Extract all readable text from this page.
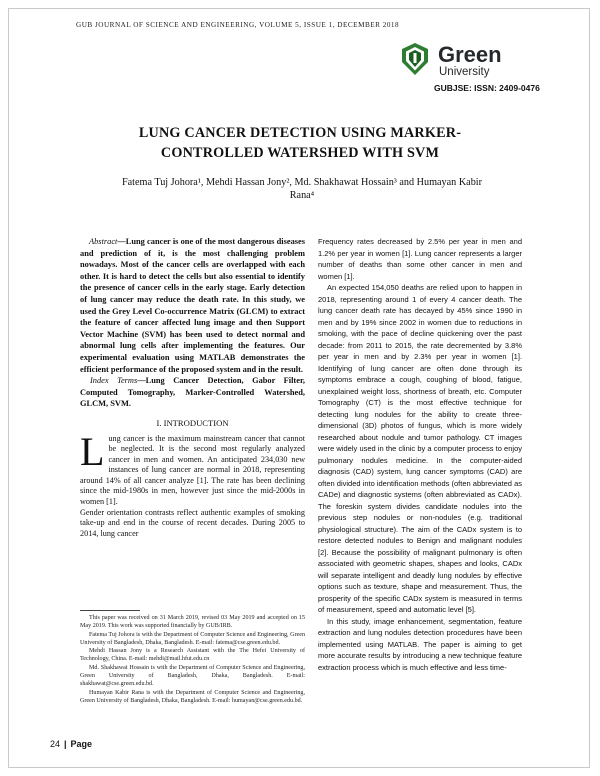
GUB JOURNAL OF SCIENCE AND ENGINEERING, VOLUME 5, ISSUE 1, DECEMBER 2018
Green
University
GUBJSE: ISSN: 2409-0476
LUNG CANCER DETECTION USING MARKER-
CONTROLLED WATERSHED WITH SVM
Fatema Tuj Johora¹, Mehdi Hassan Jony², Md. Shakhawat Hossain³ and Humayan Kabir
Rana⁴

Abstract—Lung cancer is one of the most dangerous diseases and prediction of it, is the most challenging problem nowadays. Most of the cancer cells are overlapped with each other. It is hard to detect the cells but also essential to identify the presence of cancer cells in the early stage. Early detection of lung cancer may reduce the death rate. In this study, we used the Grey Level Co-occurrence Matrix (GLCM) to extract the feature of cancer affected lung image and then Support Vector Machine (SVM) has been used to detect normal and abnormal lung cells after implementing the features. Our experimental evaluation using MATLAB demonstrates the efficient performance of the proposed system and in the result.

Index Terms—Lung Cancer Detection, Gabor Filter, Computed Tomography, Marker-Controlled Watershed, GLCM, SVM.

I. INTRODUCTION

Lung cancer is the maximum mainstream cancer that cannot be neglected. It is the second most regularly analyzed cancer in men and women. An anticipated 234,030 new instances of lung cancer are normal in 2018, representing around 14% of all cancer analyze [1]. The rate has been declining since the mid-1980s in men, however just since the mid-2000s in women [1].

Gender orientation contrasts reflect authentic examples of smoking take-up and end in the course of recent decades. During 2005 to 2014, lung cancer

This paper was received on 31 March 2019, revised 03 May 2019 and accepted on 15 May 2019. This work was supported financially by GUB/IRB.

Fatema Tuj Johora is with the Department of Computer Science and Engineering, Green University of Bangladesh, Dhaka, Bangladesh. E-mail: fatema@cse.green.edu.bd.

Mehdi Hassan Jony is a Research Assistant with the The Hefei University of Technology, China. E-mail: mehdi@mail.hfut.edu.cn

Md. Shakhawat Hossain is with the Department of Computer Science and Engineering, Green University of Bangladesh, Dhaka, Bangladesh. E-mail: shakhawat@cse.green.edu.bd.

Humayan Kabir Rana is with the Department of Computer Science and Engineering, Green University of Bangladesh, Dhaka, Bangladesh. E-mail: humayan@cse.green.edu.bd.

Frequency rates decreased by 2.5% per year in men and 1.2% per year in women [1]. Lung cancer represents a larger number of deaths than some other cancer in men and women [1].

An expected 154,050 deaths are relied upon to happen in 2018, representing around 1 of every 4 cancer death. The lung cancer death rate has decayed by 45% since 1990 in men and by 19% since 2002 in women due to reductions in smoking, with the pace of decline quickening over the past decade: from 2011 to 2015, the rate decremented by 3.8% per year in men and by 2.3% per year in women [1]. Identifying of lung cancer are often done through its symptoms embrace a cough, coughing of blood, fatigue, unexplained weight loss, shortness of breath, etc. Computer Tomography (CT) is the most effective technique for detecting lung nodules for the ability to create three-dimensional (3D) photos of fungus, which is more widely researched about nodule and tumor pathology. CT images were widely used in the clinic by a computer process to enjoy pulmonary nodules medicine. In the computer-aided diagnosis (CAD) system, lung cancer symptoms (CAD) are often divided into identification methods (often abbreviated as CADe) and diagnostic systems (often abbreviated as CADx). The foreskin system divides candidate nodules into the previous step nodules or non-nodules (e.g. traditional physiological structure). The aim of the CADx system is to restore detected nodules to Benign and malignant nodules [2]. Because the possibility of malignant pulmonary is often associated with geometric shapes, shapes and looks, CADx will separate intelligent and deadly lung nodules by effective options such as texture, shape and measurement. Thus, the prosperity of the specific CADx system is measured in terms of measurement, speed and automatic level [5].

In this study, image enhancement, segmentation, feature extraction and lung nodules detection procedures have been implemented using MATLAB. The paper is aiming to get more accurate results by introducing a new technique feature extraction process which is much effective and less time-

24 | Page
